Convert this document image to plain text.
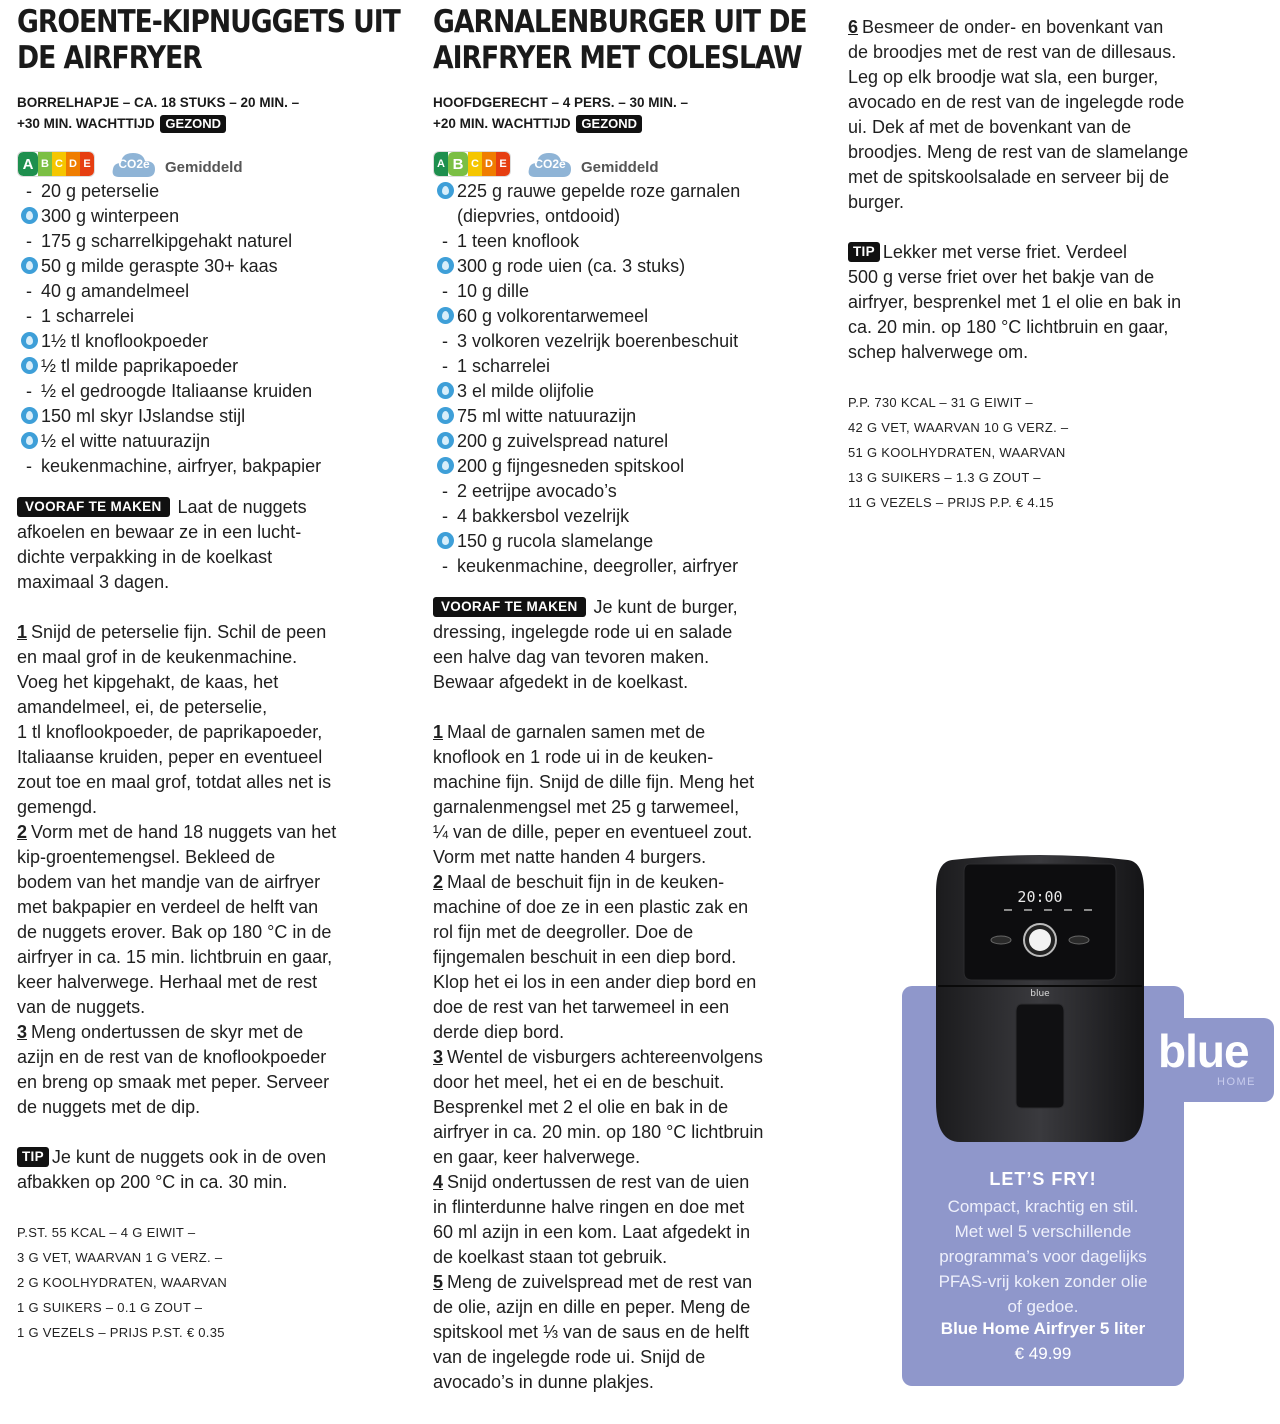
GROENTE-KIPNUGGETS UIT
DE AIRFRYER
BORRELHAPJE – CA. 18 STUKS – 20 MIN. –
+30 MIN. WACHTTIJD GEZOND
A B C D E	CO2e	Gemiddeld
- 20 g peterselie
300 g winterpeen
- 175 g scharrelkipgehakt naturel
50 g milde geraspte 30+ kaas
- 40 g amandelmeel
- 1 scharrelei
1½ tl knoflookpoeder
½ tl milde paprikapoeder
- ½ el gedroogde Italiaanse kruiden
150 ml skyr IJslandse stijl
½ el witte natuurazijn
- keukenmachine, airfryer, bakpapier

VOORAF TE MAKEN Laat de nuggets
afkoelen en bewaar ze in een lucht-
dichte verpakking in de koelkast
maximaal 3 dagen.

1 Snijd de peterselie fijn. Schil de peen
en maal grof in de keukenmachine.
Voeg het kipgehakt, de kaas, het
amandelmeel, ei, de peterselie,
1 tl knoflookpoeder, de paprikapoeder,
Italiaanse kruiden, peper en eventueel
zout toe en maal grof, totdat alles net is
gemengd.

2 Vorm met de hand 18 nuggets van het
kip-groentemengsel. Bekleed de
bodem van het mandje van de airfryer
met bakpapier en verdeel de helft van
de nuggets erover. Bak op 180 °C in de
airfryer in ca. 15 min. lichtbruin en gaar,
keer halverwege. Herhaal met de rest
van de nuggets.

3 Meng ondertussen de skyr met de
azijn en de rest van de knoflookpoeder
en breng op smaak met peper. Serveer
de nuggets met de dip.

TIP Je kunt de nuggets ook in de oven
afbakken op 200 °C in ca. 30 min.

P.ST. 55 KCAL – 4 G EIWIT –

3 G VET, WAARVAN 1 G VERZ. –

2 G KOOLHYDRATEN, WAARVAN

1 G SUIKERS – 0.1 G ZOUT –

1 G VEZELS – PRIJS P.ST. € 0.35

GARNALENBURGER UIT DE
AIRFRYER MET COLESLAW
HOOFDGERECHT – 4 PERS. – 30 MIN. –
+20 MIN. WACHTTIJD GEZOND
A B C D E	CO2e	Gemiddeld
225 g rauwe gepelde roze garnalen
(diepvries, ontdooid)
- 1 teen knoflook
300 g rode uien (ca. 3 stuks)
- 10 g dille
60 g volkorentarwemeel
- 3 volkoren vezelrijk boerenbeschuit
- 1 scharrelei
3 el milde olijfolie
75 ml witte natuurazijn
200 g zuivelspread naturel
200 g fijngesneden spitskool
- 2 eetrijpe avocado’s
- 4 bakkersbol vezelrijk
150 g rucola slamelange
- keukenmachine, deegroller, airfryer

VOORAF TE MAKEN Je kunt de burger,
dressing, ingelegde rode ui en salade
een halve dag van tevoren maken.
Bewaar afgedekt in de koelkast.

1 Maal de garnalen samen met de
knoflook en 1 rode ui in de keuken-
machine fijn. Snijd de dille fijn. Meng het
garnalenmengsel met 25 g tarwemeel,
¼ van de dille, peper en eventueel zout.
Vorm met natte handen 4 burgers.

2 Maal de beschuit fijn in de keuken-
machine of doe ze in een plastic zak en
rol fijn met de deegroller. Doe de
fijngemalen beschuit in een diep bord.
Klop het ei los in een ander diep bord en
doe de rest van het tarwemeel in een
derde diep bord.

3 Wentel de visburgers achtereenvolgens
door het meel, het ei en de beschuit.
Besprenkel met 2 el olie en bak in de
airfryer in ca. 20 min. op 180 °C lichtbruin
en gaar, keer halverwege.

4 Snijd ondertussen de rest van de uien
in flinterdunne halve ringen en doe met
60 ml azijn in een kom. Laat afgedekt in
de koelkast staan tot gebruik.

5 Meng de zuivelspread met de rest van
de olie, azijn en dille en peper. Meng de
spitskool met ⅓ van de saus en de helft
van de ingelegde rode ui. Snijd de
avocado’s in dunne plakjes.

6 Besmeer de onder- en bovenkant van
de broodjes met de rest van de dillesaus.
Leg op elk broodje wat sla, een burger,
avocado en de rest van de ingelegde rode
ui. Dek af met de bovenkant van de
broodjes. Meng de rest van de slamelange
met de spitskoolsalade en serveer bij de
burger.

TIP Lekker met verse friet. Verdeel
500 g verse friet over het bakje van de
airfryer, besprenkel met 1 el olie en bak in
ca. 20 min. op 180 °C lichtbruin en gaar,
schep halverwege om.

P.P. 730 KCAL – 31 G EIWIT –

42 G VET, WAARVAN 10 G VERZ. –

51 G KOOLHYDRATEN, WAARVAN

13 G SUIKERS – 1.3 G ZOUT –

11 G VEZELS – PRIJS P.P. € 4.15

LET’S FRY!

Compact, krachtig en stil.
Met wel 5 verschillende
programma’s voor dagelijks
PFAS-vrij koken zonder olie
of gedoe.

Blue Home Airfryer 5 liter
€ 49.99
blue
HOME
20:00
blue
